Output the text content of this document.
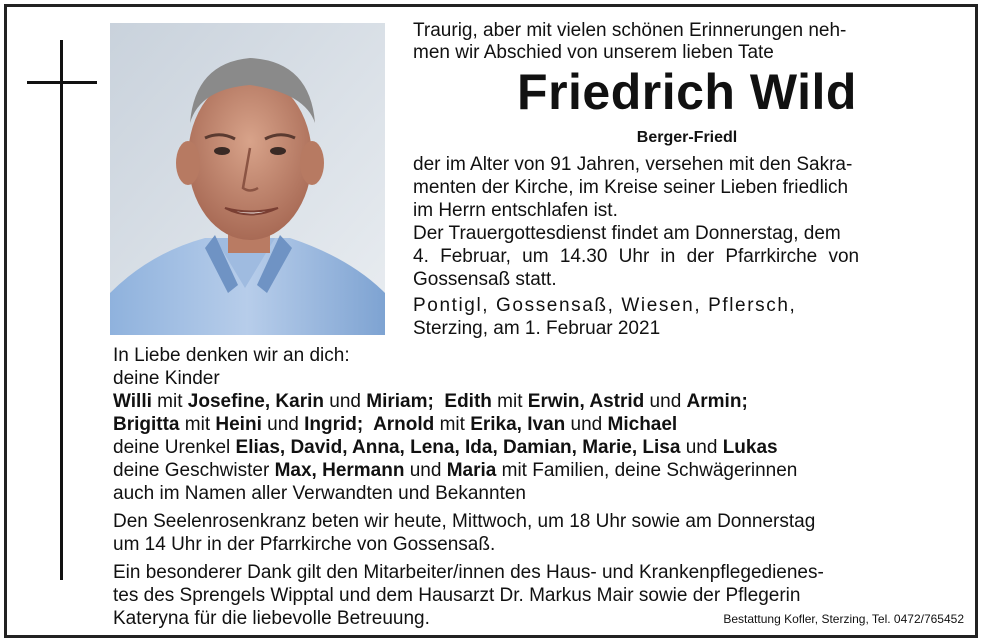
Traurig, aber mit vielen schönen Erinnerungen neh-
men wir Abschied von unserem lieben Tate
Friedrich Wild
Berger-Friedl
der im Alter von 91 Jahren, versehen mit den Sakra-
menten der Kirche, im Kreise seiner Lieben friedlich
im Herrn entschlafen ist.
Der Trauergottesdienst findet am Donnerstag, dem
4. Februar, um 14.30 Uhr in der Pfarrkirche von
Gossensaß statt.
Pontigl, Gossensaß, Wiesen, Pflersch,
Sterzing, am 1. Februar 2021
In Liebe denken wir an dich:
deine Kinder
Willi mit Josefine, Karin und Miriam;  Edith mit Erwin, Astrid und Armin;
Brigitta mit Heini und Ingrid;  Arnold mit Erika, Ivan und Michael
deine Urenkel Elias, David, Anna, Lena, Ida, Damian, Marie, Lisa und Lukas
deine Geschwister Max, Hermann und Maria mit Familien, deine Schwägerinnen
auch im Namen aller Verwandten und Bekannten
Den Seelenrosenkranz beten wir heute, Mittwoch, um 18 Uhr sowie am Donnerstag
um 14 Uhr in der Pfarrkirche von Gossensaß.
Ein besonderer Dank gilt den Mitarbeiter/innen des Haus- und Krankenpflegedienes-
tes des Sprengels Wipptal und dem Hausarzt Dr. Markus Mair sowie der Pflegerin
Kateryna für die liebevolle Betreuung.	Bestattung Kofler, Sterzing, Tel. 0472/765452
